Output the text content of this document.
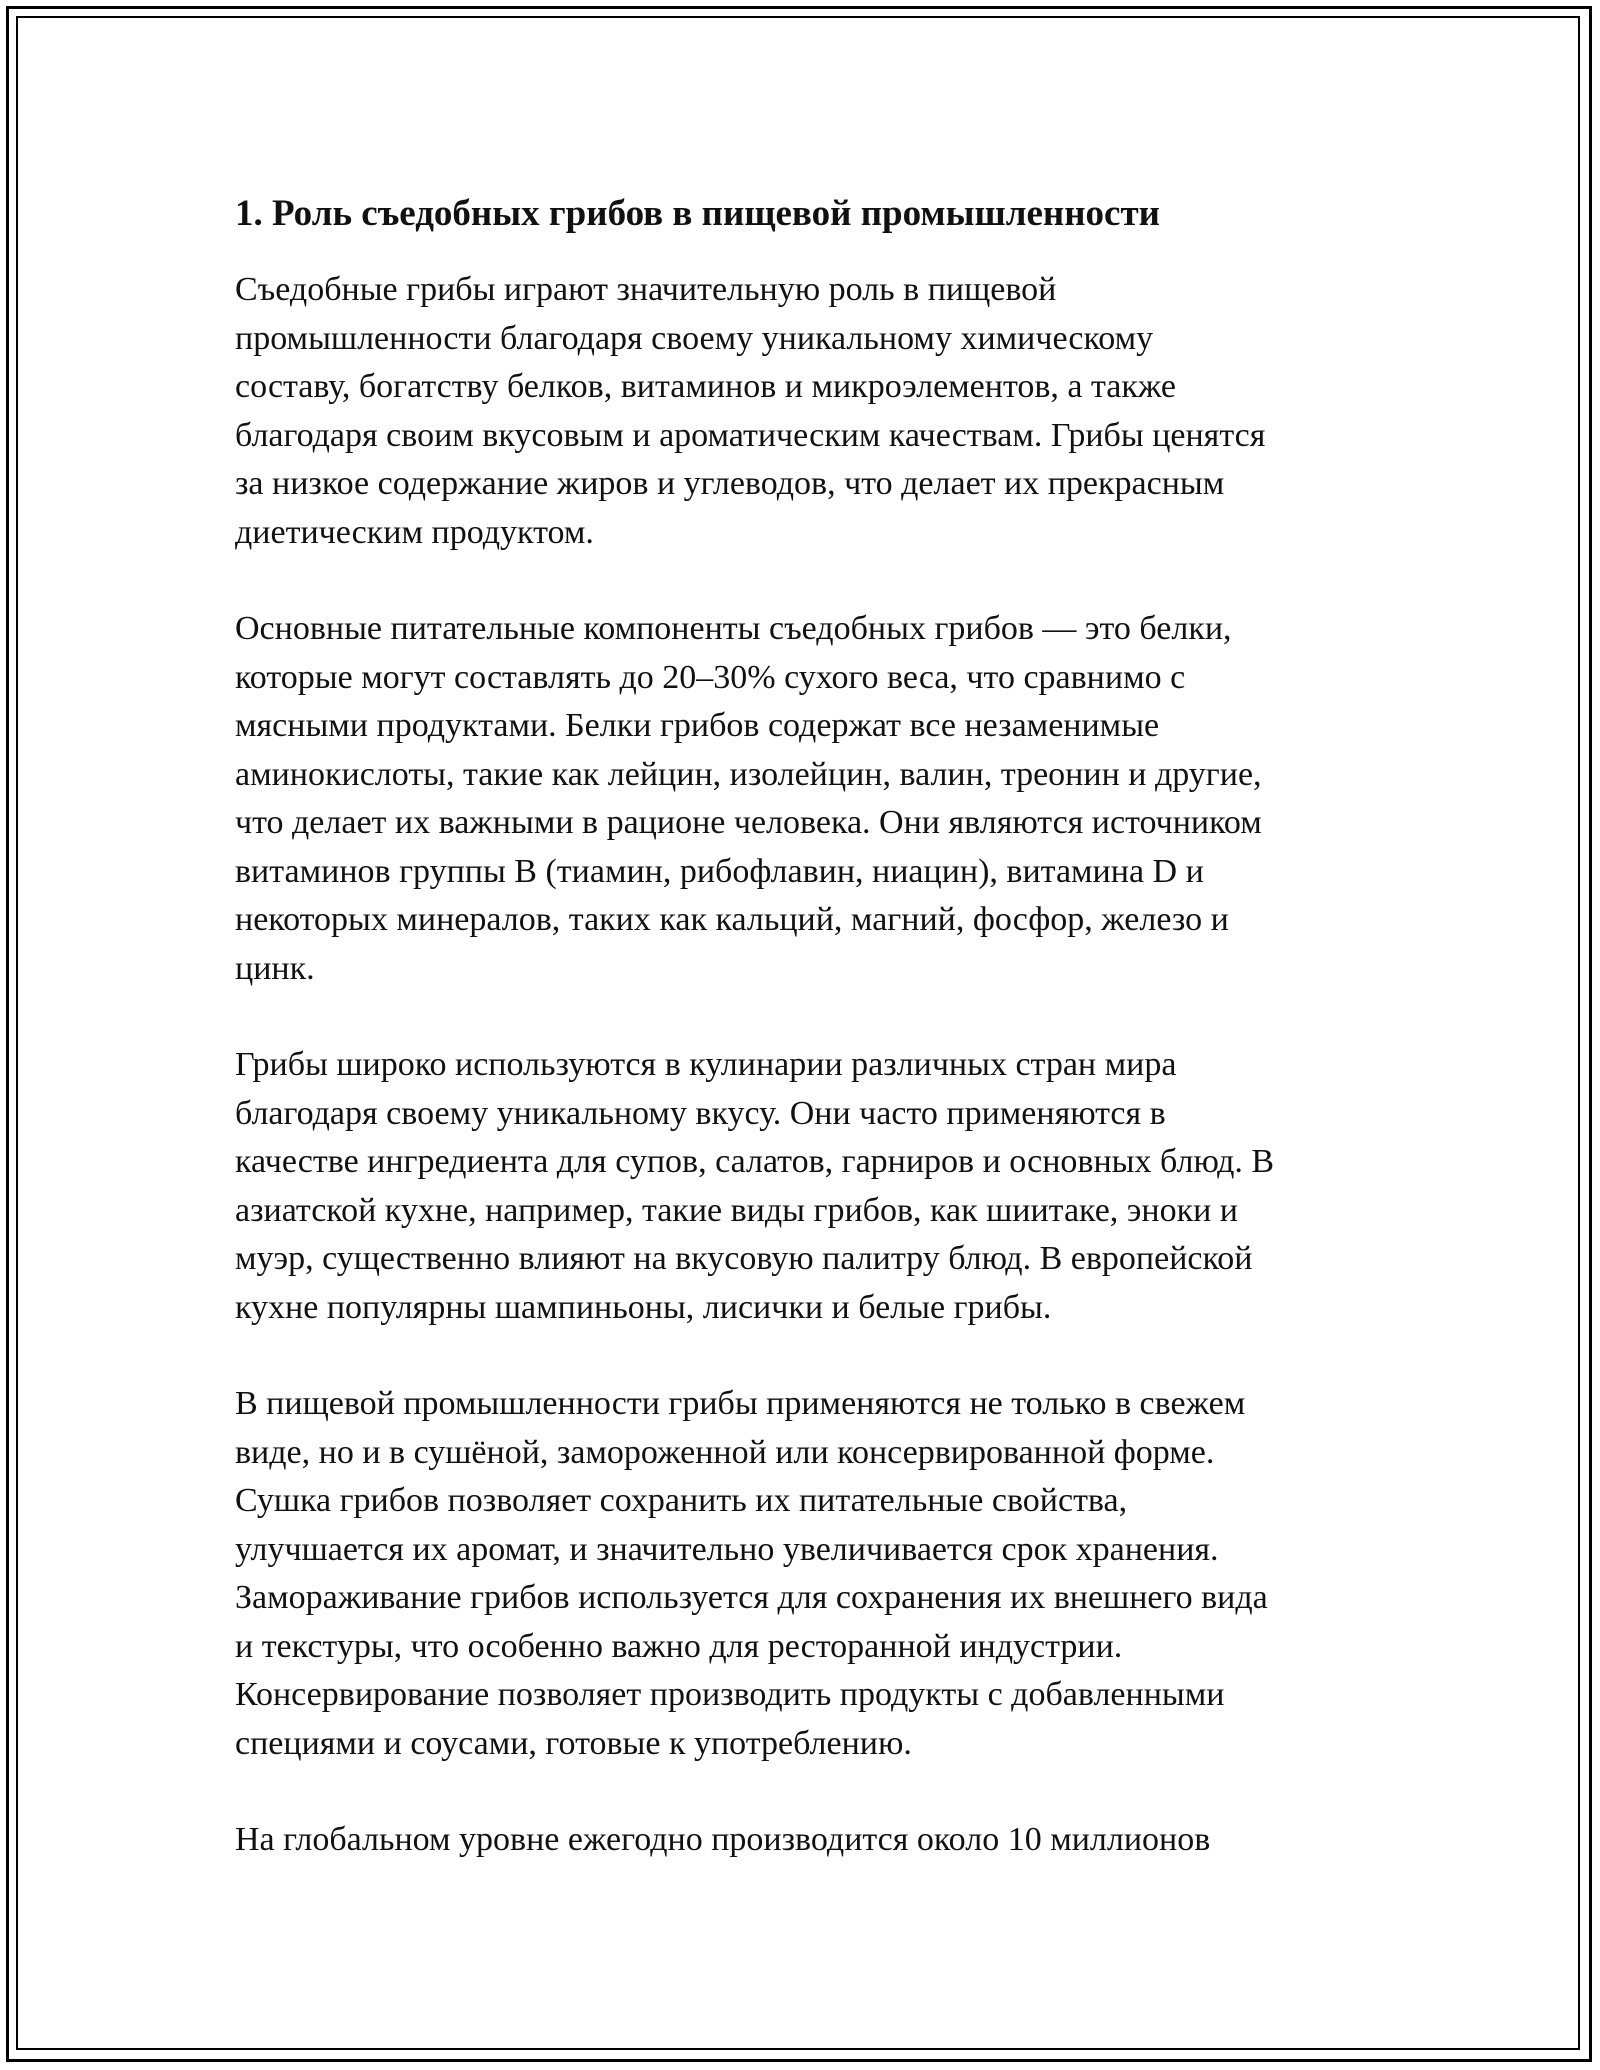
1. Роль съедобных грибов в пищевой промышленности

Съедобные грибы играют значительную роль в пищевой
промышленности благодаря своему уникальному химическому
составу, богатству белков, витаминов и микроэлементов, а также
благодаря своим вкусовым и ароматическим качествам. Грибы ценятся
за низкое содержание жиров и углеводов, что делает их прекрасным
диетическим продуктом.

Основные питательные компоненты съедобных грибов — это белки,
которые могут составлять до 20–30% сухого веса, что сравнимо с
мясными продуктами. Белки грибов содержат все незаменимые
аминокислоты, такие как лейцин, изолейцин, валин, треонин и другие,
что делает их важными в рационе человека. Они являются источником
витаминов группы B (тиамин, рибофлавин, ниацин), витамина D и
некоторых минералов, таких как кальций, магний, фосфор, железо и
цинк.

Грибы широко используются в кулинарии различных стран мира
благодаря своему уникальному вкусу. Они часто применяются в
качестве ингредиента для супов, салатов, гарниров и основных блюд. В
азиатской кухне, например, такие виды грибов, как шиитаке, эноки и
муэр, существенно влияют на вкусовую палитру блюд. В европейской
кухне популярны шампиньоны, лисички и белые грибы.

В пищевой промышленности грибы применяются не только в свежем
виде, но и в сушёной, замороженной или консервированной форме.
Сушка грибов позволяет сохранить их питательные свойства,
улучшается их аромат, и значительно увеличивается срок хранения.
Замораживание грибов используется для сохранения их внешнего вида
и текстуры, что особенно важно для ресторанной индустрии.
Консервирование позволяет производить продукты с добавленными
специями и соусами, готовые к употреблению.

На глобальном уровне ежегодно производится около 10 миллионов
